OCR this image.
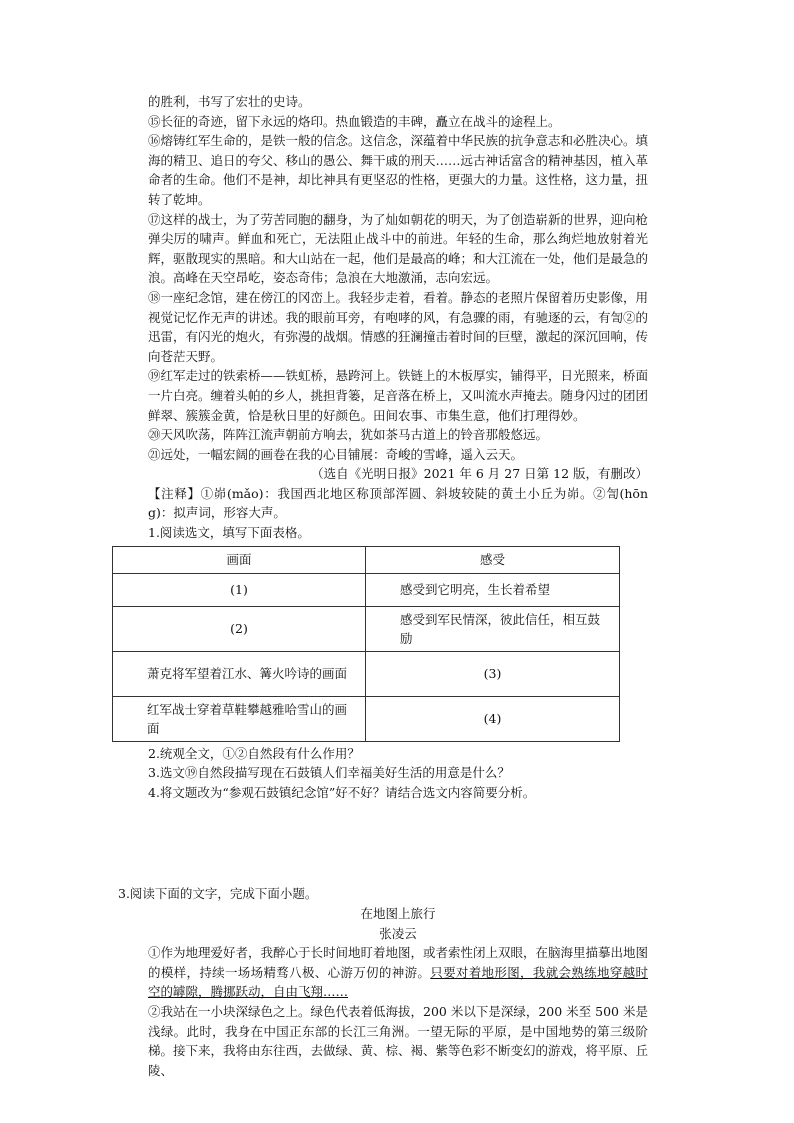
的胜利，书写了宏壮的史诗。

⑮长征的奇迹，留下永远的烙印。热血锻造的丰碑，矗立在战斗的途程上。

⑯熔铸红军生命的，是铁一般的信念。这信念，深蕴着中华民族的抗争意志和必胜决心。填海的精卫、追日的夸父、移山的愚公、舞干戚的刑天……远古神话富含的精神基因，植入革命者的生命。他们不是神，却比神具有更坚忍的性格，更强大的力量。这性格，这力量，扭转了乾坤。

⑰这样的战士，为了劳苦同胞的翻身，为了灿如朝花的明天，为了创造崭新的世界，迎向枪弹尖厉的啸声。鲜血和死亡，无法阻止战斗中的前进。年轻的生命，那么绚烂地放射着光辉，驱散现实的黑暗。和大山站在一起，他们是最高的峰；和大江流在一处，他们是最急的浪。高峰在天空昂屹，姿态奇伟；急浪在大地激涌，志向宏远。

⑱一座纪念馆，建在傍江的冈峦上。我轻步走着，看着。静态的老照片保留着历史影像，用视觉记忆作无声的讲述。我的眼前耳旁，有咆哮的风，有急骤的雨，有驰逐的云，有訇②的迅雷，有闪光的炮火，有弥漫的战烟。情感的狂澜撞击着时间的巨壁，激起的深沉回响，传向苍茫天野。

⑲红军走过的铁索桥——铁虹桥，悬跨河上。铁链上的木板厚实，铺得平，日光照来，桥面一片白亮。缠着头帕的乡人，挑担背篓，足音落在桥上，又叫流水声掩去。随身闪过的团团鲜翠、簇簇金黄，恰是秋日里的好颜色。田间农事、市集生意，他们打理得妙。

⑳天风吹荡，阵阵江流声朝前方响去，犹如茶马古道上的铃音那般悠远。

㉑远处，一幅宏阔的画卷在我的心目铺展：奇峻的雪峰，遥入云天。

（选自《光明日报》2021 年 6 月 27 日第 12 版，有删改）

【注释】①峁(mǎo)：我国西北地区称顶部浑圆、斜坡较陡的黄土小丘为峁。②訇(hōng)：拟声词，形容大声。

1.阅读选文，填写下面表格。

画面	感受
(1)	感受到它明亮，生长着希望
(2)	感受到军民情深，彼此信任，相互鼓励
萧克将军望着江水、篝火吟诗的画面	(3)
红军战士穿着草鞋攀越雅哈雪山的画面	(4)

2.统观全文，①②自然段有什么作用？

3.选文⑲自然段描写现在石鼓镇人们幸福美好生活的用意是什么？

4.将文题改为“参观石鼓镇纪念馆”好不好？请结合选文内容简要分析。

3.阅读下面的文字，完成下面小题。

在地图上旅行

张凌云

①作为地理爱好者，我醉心于长时间地盯着地图，或者索性闭上双眼，在脑海里描摹出地图的模样，持续一场场精骛八极、心游万仞的神游。只要对着地形图，我就会熟练地穿越时空的罅隙，腾挪跃动，自由飞翔……

②我站在一小块深绿色之上。绿色代表着低海拔，200 米以下是深绿，200 米至 500 米是浅绿。此时，我身在中国正东部的长江三角洲。一望无际的平原，是中国地势的第三级阶梯。接下来，我将由东往西，去做绿、黄、棕、褐、紫等色彩不断变幻的游戏，将平原、丘陵、
